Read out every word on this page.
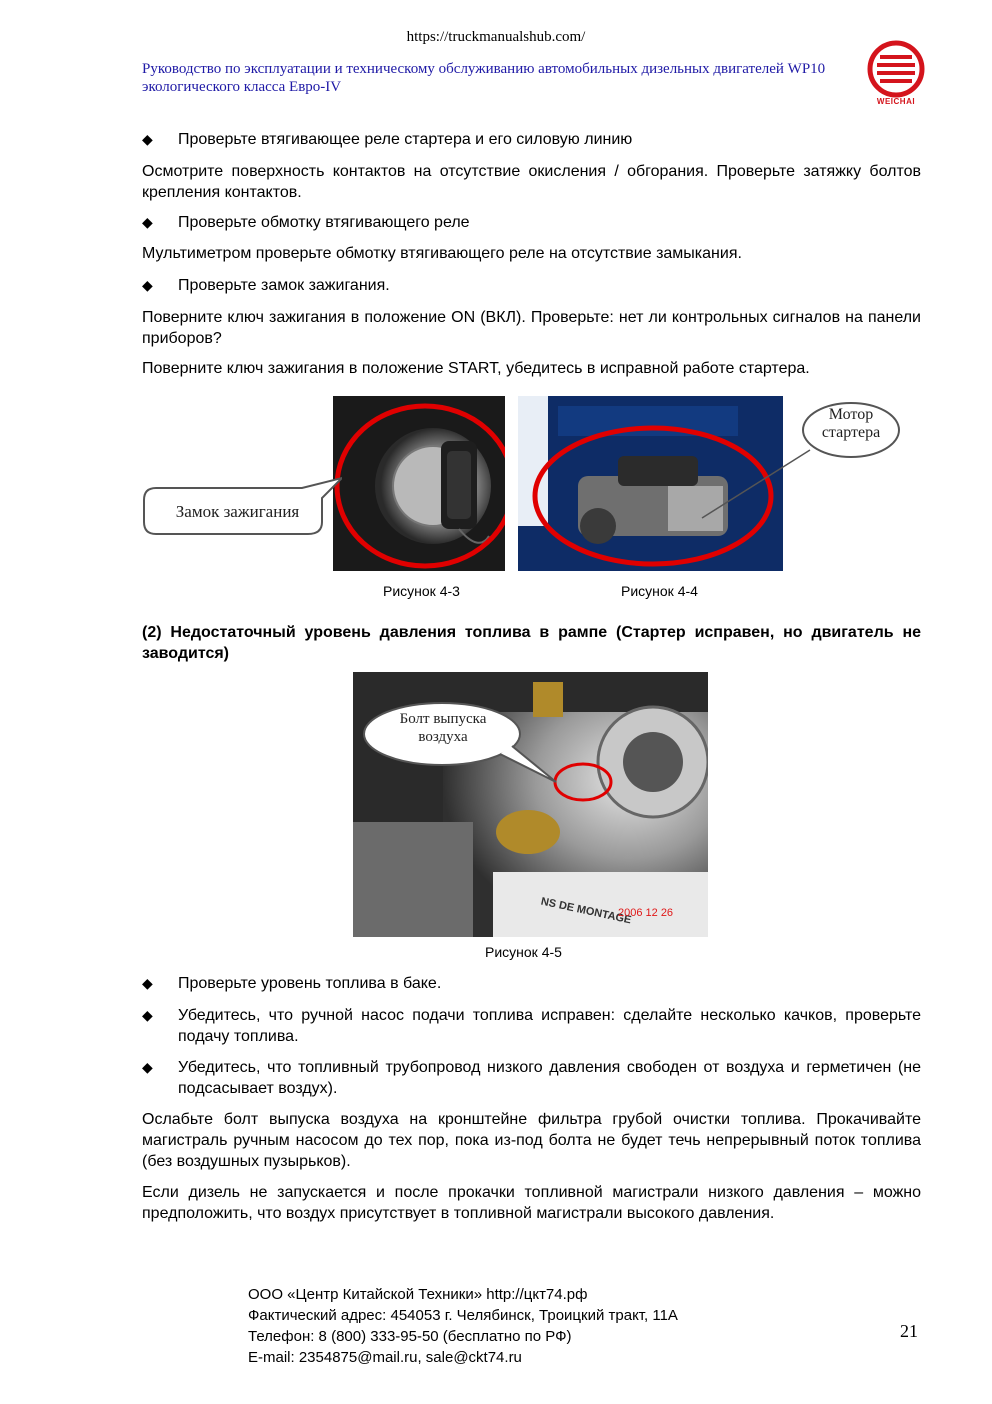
https://truckmanualshub.com/
Руководство по эксплуатации и техническому обслуживанию автомобильных дизельных двигателей WP10 экологического класса Евро-IV
WEICHAI
◆ Проверьте втягивающее реле стартера и его силовую линию
Осмотрите поверхность контактов на отсутствие окисления / обгорания. Проверьте затяжку болтов крепления контактов.
◆ Проверьте обмотку втягивающего реле
Мультиметром проверьте обмотку втягивающего реле на отсутствие замыкания.
◆ Проверьте замок зажигания.
Поверните ключ зажигания в положение ON (ВКЛ). Проверьте: нет ли контрольных сигналов на панели приборов?
Поверните ключ зажигания в положение START, убедитесь в исправной работе стартера.
Замок зажигания
Мотор
стартера
Рисунок 4-3	Рисунок 4-4
(2) Недостаточный уровень давления топлива в рампе (Стартер исправен, но двигатель не заводится)
NS DE MONTAGE
2006 12 26
Болт выпуска
воздуха
Рисунок 4-5
◆ Проверьте уровень топлива в баке.
◆ Убедитесь, что ручной насос подачи топлива исправен: сделайте несколько качков, проверьте подачу топлива.
◆ Убедитесь, что топливный трубопровод низкого давления свободен от воздуха и герметичен (не подсасывает воздух).
Ослабьте болт выпуска воздуха на кронштейне фильтра грубой очистки топлива. Прокачивайте магистраль ручным насосом до тех пор, пока из-под болта не будет течь непрерывный поток топлива (без воздушных пузырьков).
Если дизель не запускается и после прокачки топливной магистрали низкого давления – можно предположить, что воздух присутствует в топливной магистрали высокого давления.
ООО «Центр Китайской Техники» http://цкт74.рф
Фактический адрес: 454053 г. Челябинск, Троицкий тракт, 11А
Телефон: 8 (800) 333-95-50 (бесплатно по РФ)
E-mail: 2354875@mail.ru, sale@ckt74.ru
21
